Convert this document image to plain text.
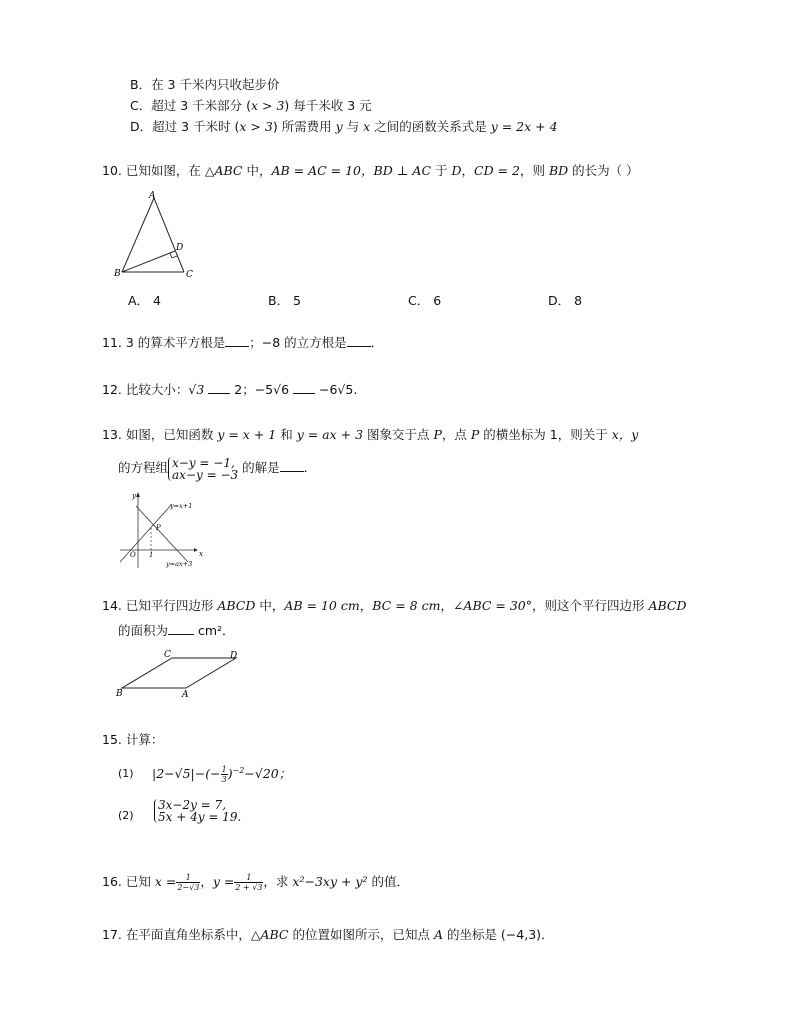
B．在 3 千米内只收起步价
C．超过 3 千米部分 (x > 3) 每千米收 3 元
D．超过 3 千米时 (x > 3) 所需费用 y 与 x 之间的函数关系式是 y = 2x + 4
10. 已知如图，在 △ABC 中，AB = AC = 10，BD ⊥ AC 于 D，CD = 2，则 BD 的长为（ ）
A
B	C
D
A． 4	B． 5	C． 6	D． 8
11. 3 的算术平方根是 ；−8 的立方根是 ．
12. 比较大小：√3  2；−5√6  −6√5.
13. 如图，已知函数 y = x + 1 和 y = ax + 3 图象交于点 P，点 P 的横坐标为 1，则关于 x，y
的方程组 x−y = −1,
ax−y = −3 的解是 ．
y
x
O 1
P
y=x+1
y=ax+3
14. 已知平行四边形 ABCD 中，AB = 10 cm，BC = 8 cm，∠ABC = 30°，则这个平行四边形 ABCD
的面积为 cm²．
B	A
C	D
15. 计算：
(1) $|2-√5|-(- \frac{1}{3} )^{-2}-√20$；
(2)
3x−2y = 7,
5x + 4y = 19.
16. 已知 $x = \frac{1}{2-√3}$ ，$y = \frac{1}{2 + √3}$ ，求 x²−3xy + y² 的值．
17. 在平面直角坐标系中，△ABC 的位置如图所示，已知点 A 的坐标是 (−4,3)．
